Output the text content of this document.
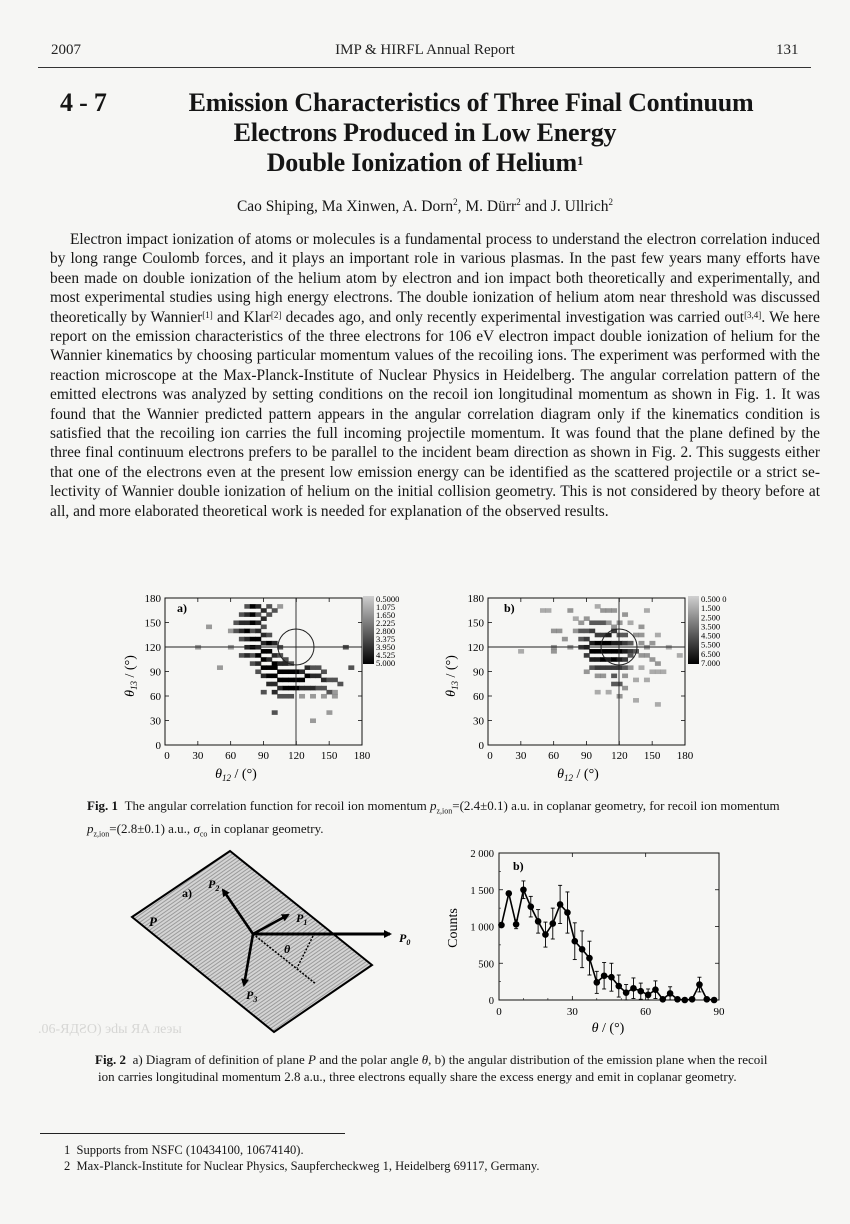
2007	IMP & HIRFL Annual Report	131
.06-ЯДƧO) эdы ЯA лeэы
4 - 7	Emission Characteristics of Three Final Continuum
Electrons Produced in Low Energy
Double Ionization of Helium$^1$
Cao Shiping, Ma Xinwen, A. Dorn$^2$, M. Dürr$^2$ and J. Ullrich$^2$
Electron impact ionization of atoms or molecules is a fundamental process to understand the electron correlation induced by long range Coulomb forces, and it plays an important role in various plasmas. In the past few years many efforts have been made on double ionization of the helium atom by electron and ion impact both theoretically and experimentally, and most experimental studies using high energy electrons. The double ionization of helium atom near threshold was discussed theoretically by Wannier[1] and Klar[2] decades ago, and only recently experimental investigation was carried out[3,4]. We here report on the emission characteristics of the three electrons for 106 eV electron impact double ionization of helium for the Wannier kinematics by choosing particular momentum values of the recoiling ions. The experiment was performed with the reaction microscope at the Max-Planck-Institute of Nuclear Physics in Heidelberg. The angular correlation pattern of the emitted electrons was analyzed by setting conditions on the recoil ion longitudinal momentum as shown in Fig. 1. It was found that the Wannier predicted pattern appears in the angular correlation diagram only if the kinematics condition is satisfied that the recoiling ion carries the full incoming projectile momentum. It was found that the plane defined by the three final continuum electrons prefers to be parallel to the incident beam direction as shown in Fig. 2. This suggests either that one of the electrons even at the present low emission energy can be identified as the scattered projectile or a strict selectivity of Wannier double ionization of helium on the initial collision geometry. This is not considered by theory before at all, and more elaborated theoretical work is needed for explanation of the observed results.
0 30 60 90 120 150 180
0
30
60
90
120
150
180
a)
0.5000
1.075
1.650
2.225
2.800
3.375
3.950
4.525
5.000
$\theta_{12}$ / (°)
$\theta_{13}$ / (°)
0 30 60 90 120 150 180
0
30
60
90
120
150
180
b)
0.500 0
1.500
2.500
3.500
4.500
5.500
6.500
7.000
$\theta_{12}$ / (°)
$\theta_{13}$ / (°)
Fig. 1 The angular correlation function for recoil ion momentum $p_{z,ion}=(2.4\pm 0.1)$ a.u. in coplanar geometry, for recoil ion momentum $p_{z,ion}=(2.8\pm 0.1)$ a.u., $\sigma_{co}$ in coplanar geometry.
a)
P
$P_2$
$P_1$
$P_0$
$P_3$
θ
0	30	60	90
0
500
1 000
1 500
2 000
b)
θ / (°)
Counts
Fig. 2 a) Diagram of definition of plane P and the polar angle θ, b) the angular distribution of the emission plane when the recoil ion carries longitudinal momentum 2.8 a.u., three electrons equally share the excess energy and emit in coplanar geometry.
1 Supports from NSFC (10434100, 10674140).
2 Max-Planck-Institute for Nuclear Physics, Saupfercheckweg 1, Heidelberg 69117, Germany.
